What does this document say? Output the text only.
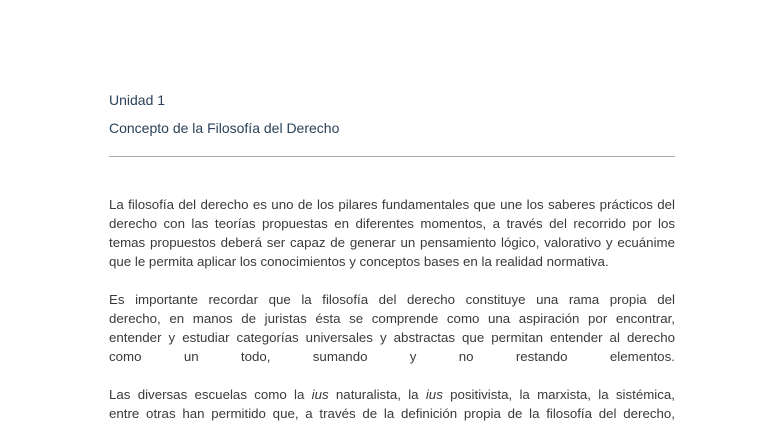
Unidad 1

Concepto de la Filosofía del Derecho

La filosofía del derecho es uno de los pilares fundamentales que une los saberes prácticos del derecho con las teorías propuestas en diferentes momentos, a través del recorrido por los temas propuestos deberá ser capaz de generar un pensamiento lógico, valorativo y ecuánime que le permita aplicar los conocimientos y conceptos bases en la realidad normativa.

Es importante recordar que la filosofía del derecho constituye una rama propia del

derecho, en manos de juristas ésta se comprende como una aspiración por encontrar,

entender y estudiar categorías universales y abstractas que permitan entender al derecho

como	un	todo,	sumando	y	no	restando	elementos.

Las diversas escuelas como la ius naturalista, la ius positivista, la marxista, la sistémica,

entre otras han permitido que, a través de la definición propia de la filosofía del derecho,
